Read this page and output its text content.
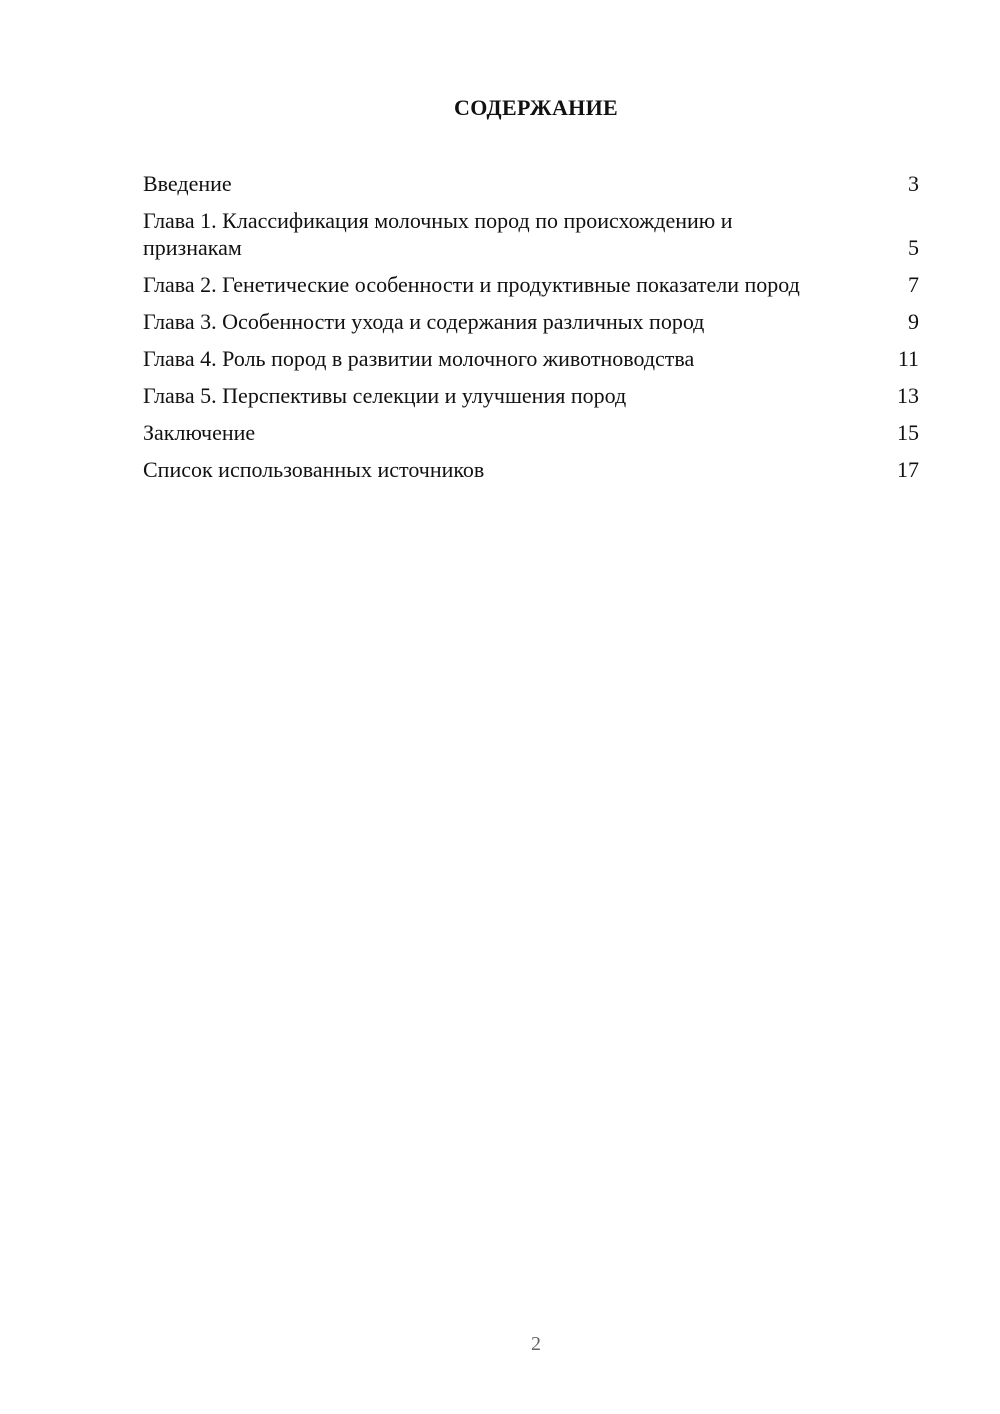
СОДЕРЖАНИЕ
Введение	3
Глава 1. Классификация молочных пород по происхождению и признакам	5
Глава 2. Генетические особенности и продуктивные показатели пород	7
Глава 3. Особенности ухода и содержания различных пород	9
Глава 4. Роль пород в развитии молочного животноводства	11
Глава 5. Перспективы селекции и улучшения пород	13
Заключение	15
Список использованных источников	17
2
